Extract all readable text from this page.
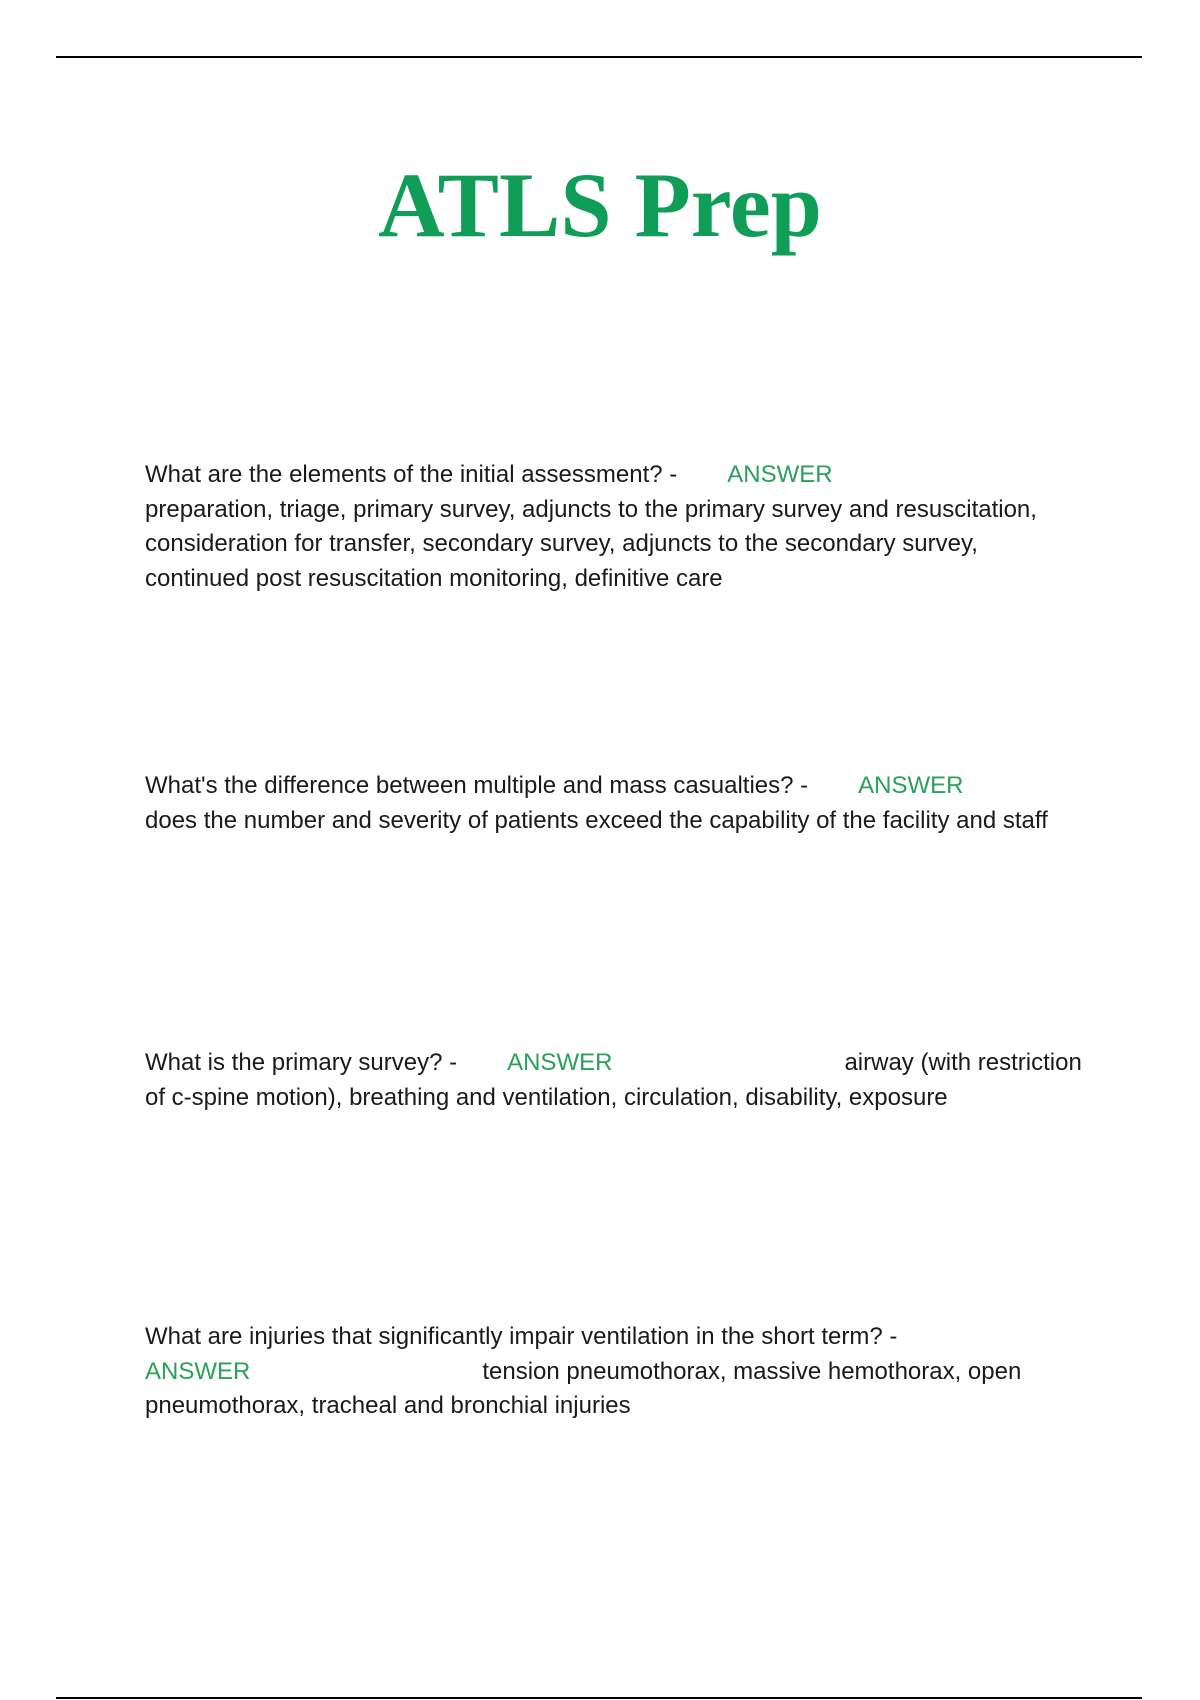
ATLS Prep

What are the elements of the initial assessment? - ANSWER
preparation, triage, primary survey, adjuncts to the primary survey and resuscitation, consideration for transfer, secondary survey, adjuncts to the secondary survey, continued post resuscitation monitoring, definitive care

What's the difference between multiple and mass casualties? - ANSWER
does the number and severity of patients exceed the capability of the facility and staff

What is the primary survey? - ANSWER	airway (with restriction of c-spine motion), breathing and ventilation, circulation, disability, exposure

What are injuries that significantly impair ventilation in the short term? -
ANSWER	tension pneumothorax, massive hemothorax, open pneumothorax, tracheal and bronchial injuries
